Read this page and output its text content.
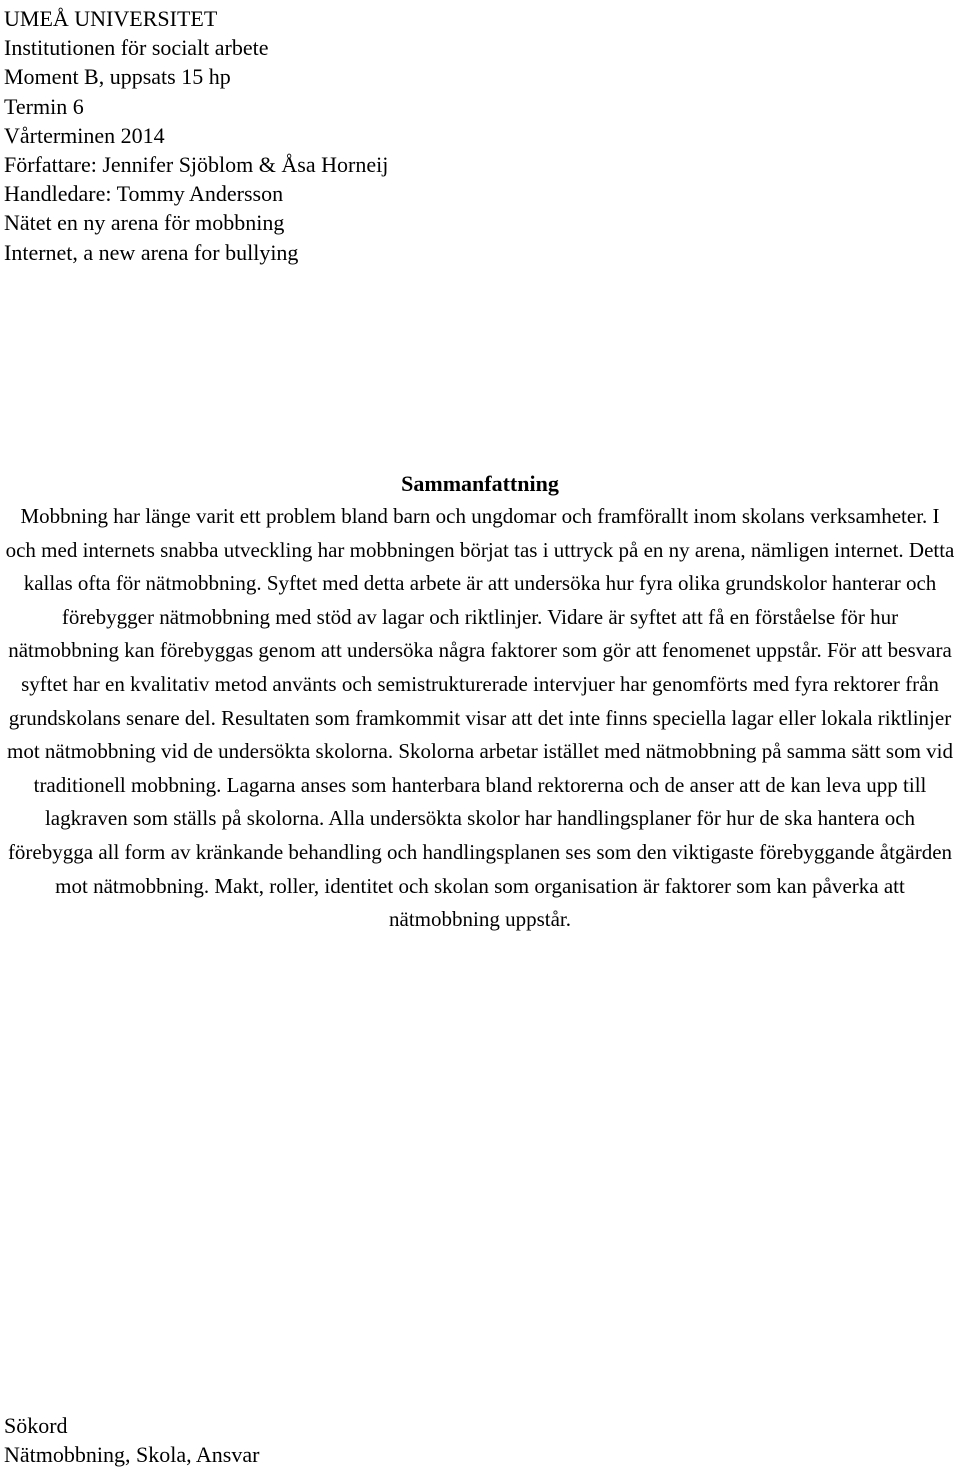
UMEÅ UNIVERSITET
Institutionen för socialt arbete
Moment B, uppsats 15 hp
Termin 6
Vårterminen 2014
Författare: Jennifer Sjöblom & Åsa Horneij
Handledare: Tommy Andersson
Nätet en ny arena för mobbning
Internet, a new arena for bullying
Sammanfattning
Mobbning har länge varit ett problem bland barn och ungdomar och framförallt inom skolans verksamheter. I och med internets snabba utveckling har mobbningen börjat tas i uttryck på en ny arena, nämligen internet. Detta kallas ofta för nätmobbning. Syftet med detta arbete är att undersöka hur fyra olika grundskolor hanterar och förebygger nätmobbning med stöd av lagar och riktlinjer. Vidare är syftet att få en förståelse för hur nätmobbning kan förebyggas genom att undersöka några faktorer som gör att fenomenet uppstår. För att besvara syftet har en kvalitativ metod använts och semistrukturerade intervjuer har genomförts med fyra rektorer från grundskolans senare del. Resultaten som framkommit visar att det inte finns speciella lagar eller lokala riktlinjer mot nätmobbning vid de undersökta skolorna. Skolorna arbetar istället med nätmobbning på samma sätt som vid traditionell mobbning. Lagarna anses som hanterbara bland rektorerna och de anser att de kan leva upp till lagkraven som ställs på skolorna. Alla undersökta skolor har handlingsplaner för hur de ska hantera och förebygga all form av kränkande behandling och handlingsplanen ses som den viktigaste förebyggande åtgärden mot nätmobbning. Makt, roller, identitet och skolan som organisation är faktorer som kan påverka att nätmobbning uppstår.
Sökord
Nätmobbning, Skola, Ansvar
